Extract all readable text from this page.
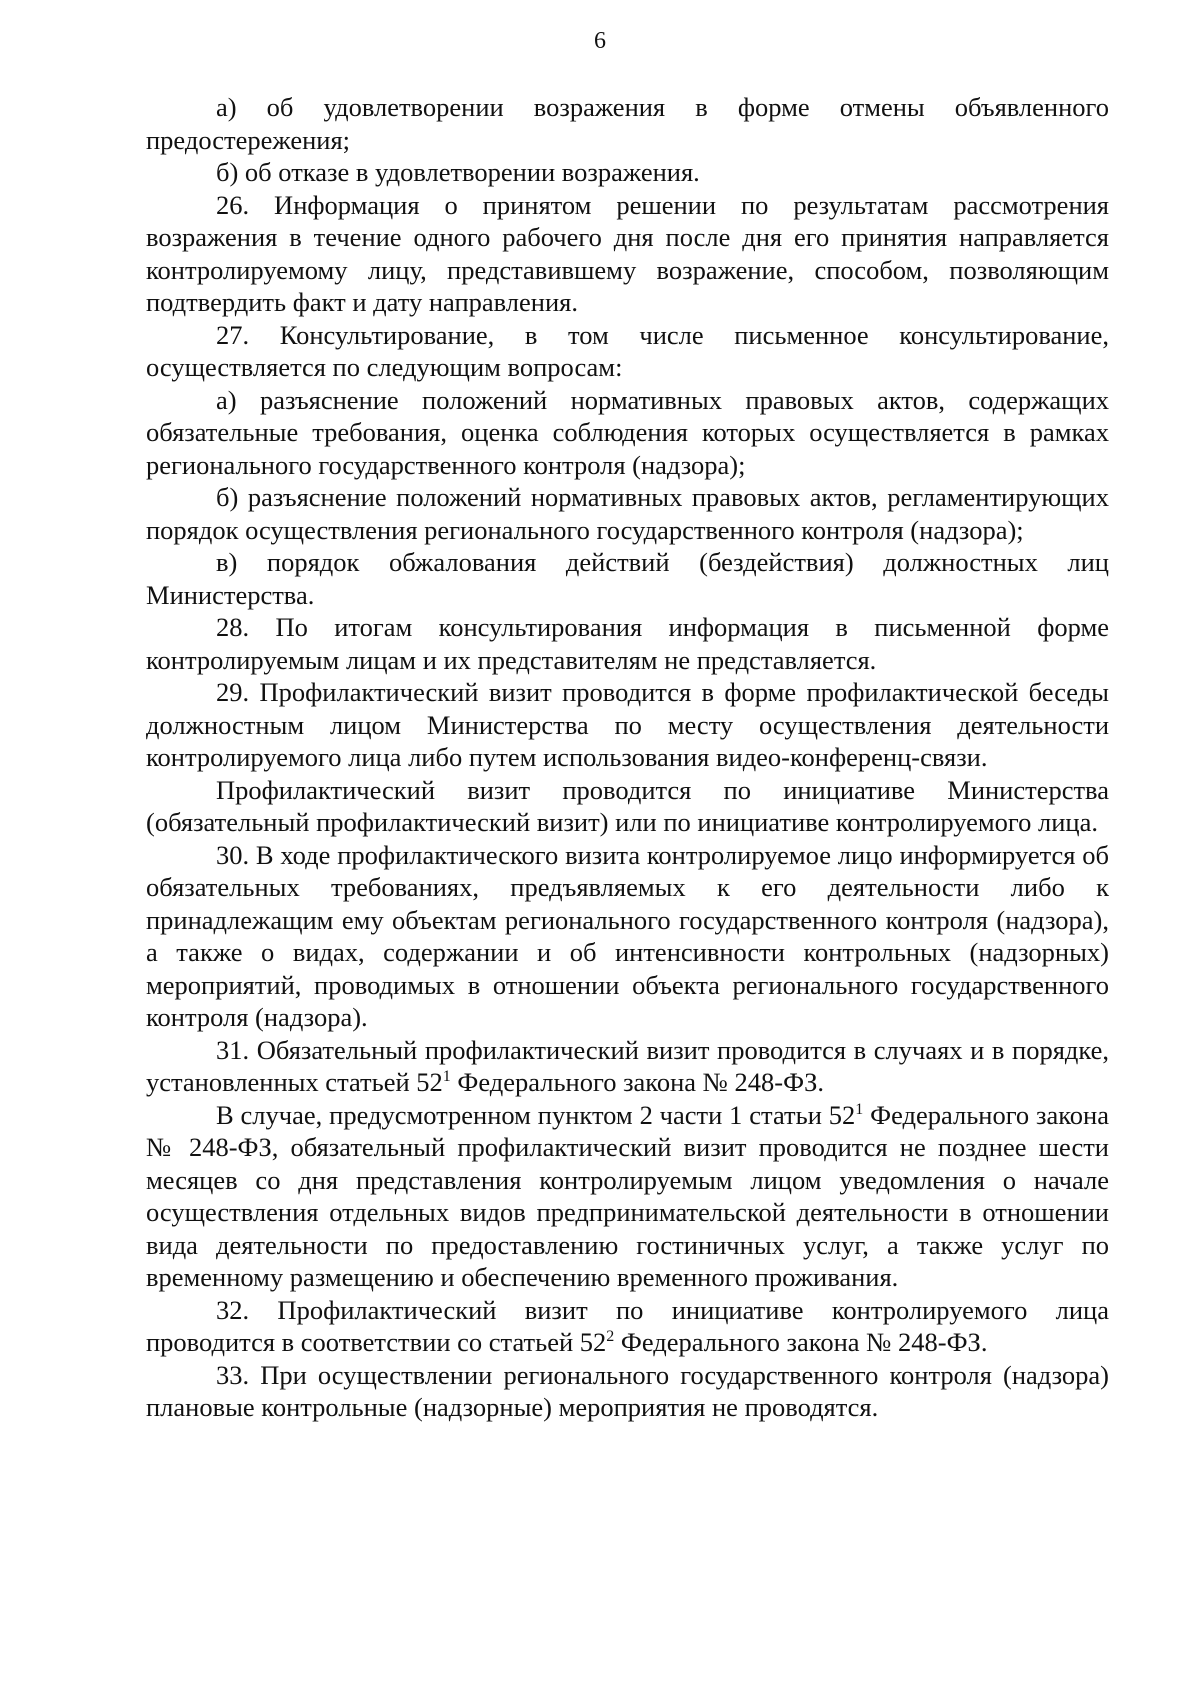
6

а) об удовлетворении возражения в форме отмены объявленного предостережения;

б) об отказе в удовлетворении возражения.

26. Информация о принятом решении по результатам рассмотрения возражения в течение одного рабочего дня после дня его принятия направляется контролируемому лицу, представившему возражение, способом, позволяющим подтвердить факт и дату направления.

27. Консультирование, в том числе письменное консультирование, осуществляется по следующим вопросам:

а) разъяснение положений нормативных правовых актов, содержащих обязательные требования, оценка соблюдения которых осуществляется в рамках регионального государственного контроля (надзора);

б) разъяснение положений нормативных правовых актов, регламентирующих порядок осуществления регионального государственного контроля (надзора);

в) порядок обжалования действий (бездействия) должностных лиц Министерства.

28. По итогам консультирования информация в письменной форме контролируемым лицам и их представителям не представляется.

29. Профилактический визит проводится в форме профилактической беседы должностным лицом Министерства по месту осуществления деятельности контролируемого лица либо путем использования видео-конференц-связи.

Профилактический визит проводится по инициативе Министерства (обязательный профилактический визит) или по инициативе контролируемого лица.

30. В ходе профилактического визита контролируемое лицо информируется об обязательных требованиях, предъявляемых к его деятельности либо к принадлежащим ему объектам регионального государственного контроля (надзора), а также о видах, содержании и об интенсивности контрольных (надзорных) мероприятий, проводимых в отношении объекта регионального государственного контроля (надзора).

31. Обязательный профилактический визит проводится в случаях и в порядке, установленных статьей $52^1$ Федерального закона № 248-ФЗ.

В случае, предусмотренном пунктом 2 части 1 статьи $52^1$ Федерального закона № 248-ФЗ, обязательный профилактический визит проводится не позднее шести месяцев со дня представления контролируемым лицом уведомления о начале осуществления отдельных видов предпринимательской деятельности в отношении вида деятельности по предоставлению гостиничных услуг, а также услуг по временному размещению и обеспечению временного проживания.

32. Профилактический визит по инициативе контролируемого лица проводится в соответствии со статьей $52^2$ Федерального закона № 248-ФЗ.

33. При осуществлении регионального государственного контроля (надзора) плановые контрольные (надзорные) мероприятия не проводятся.
